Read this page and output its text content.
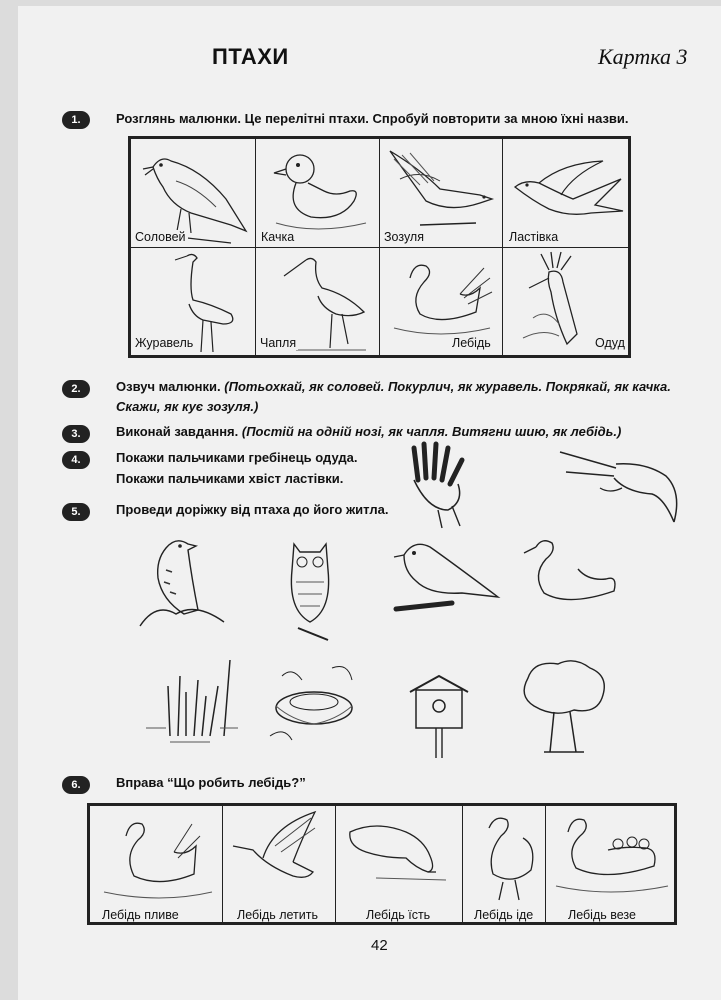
ПТАХИ	Картка 3
1.	Розглянь малюнки. Це перелітні птахи. Спробуй повторити за мною їхні назви.
Соловей	Качка	Зозуля	Ластівка
Журавель	Чапля	Лебідь	Одуд
2.	Озвуч малюнки. (Потьохкай, як соловей. Покурлич, як журавель. Покрякай, як качка.
Скажи, як кує зозуля.)
3.	Виконай завдання. (Постій на одній нозі, як чапля. Витягни шию, як лебідь.)
4.	Покажи пальчиками гребінець одуда.
Покажи пальчиками хвіст ластівки.
5.	Проведи доріжку від птаха до його житла.
6.	Вправа “Що робить лебідь?”
Лебідь пливе	Лебідь летить	Лебідь їсть	Лебідь іде	Лебідь везе
42
